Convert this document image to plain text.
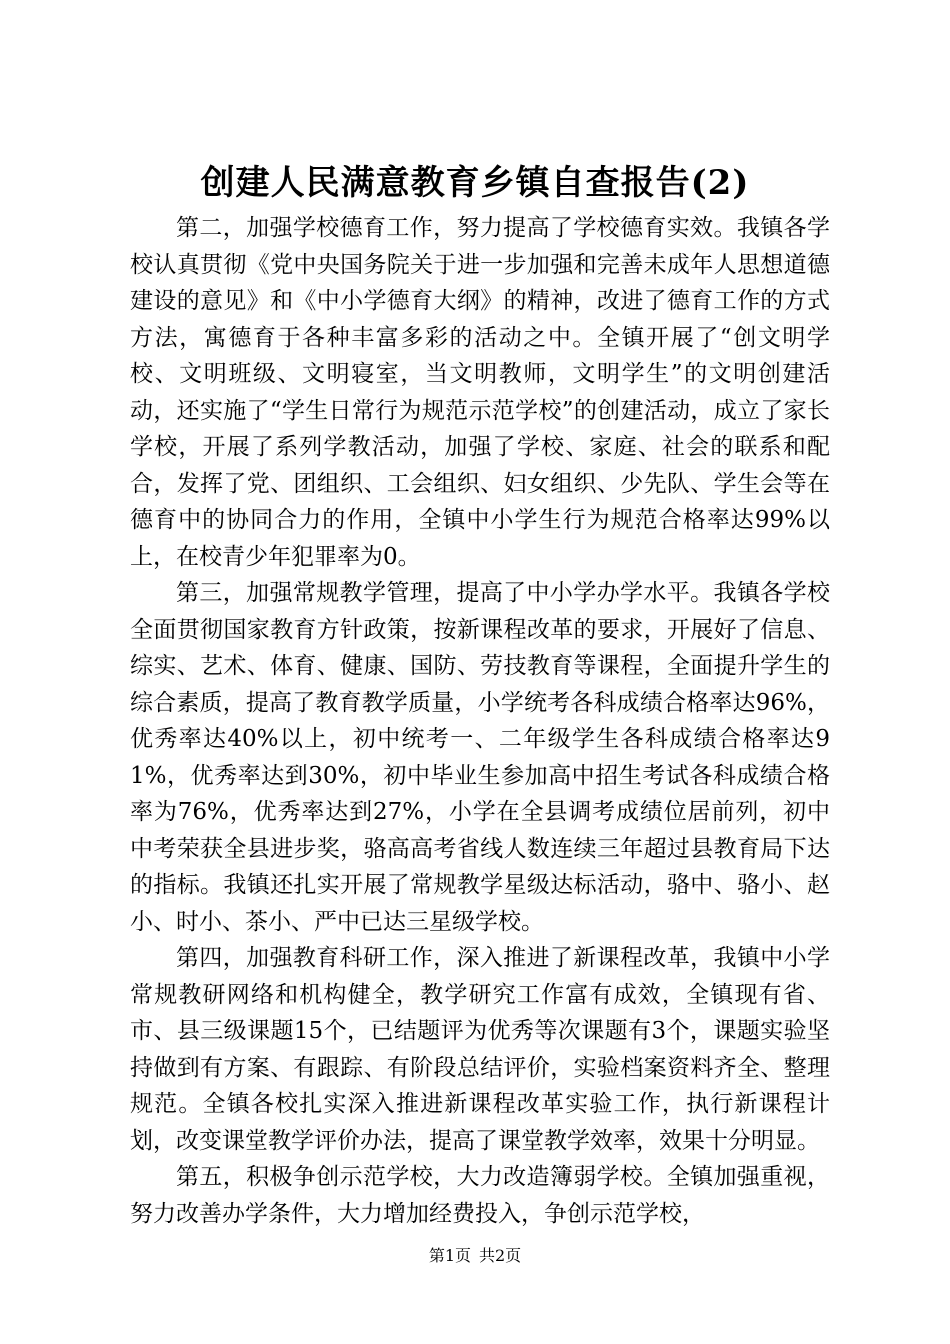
创建人民满意教育乡镇自查报告(2)

第二，加强学校德育工作，努力提高了学校德育实效。我镇各学校认真贯彻《党中央国务院关于进一步加强和完善未成年人思想道德建设的意见》和《中小学德育大纲》的精神，改进了德育工作的方式方法，寓德育于各种丰富多彩的活动之中。全镇开展了“创文明学校、文明班级、文明寝室，当文明教师，文明学生”的文明创建活动，还实施了“学生日常行为规范示范学校”的创建活动，成立了家长学校，开展了系列学教活动，加强了学校、家庭、社会的联系和配合，发挥了党、团组织、工会组织、妇女组织、少先队、学生会等在德育中的协同合力的作用，全镇中小学生行为规范合格率达99%以上，在校青少年犯罪率为0。

第三，加强常规教学管理，提高了中小学办学水平。我镇各学校全面贯彻国家教育方针政策，按新课程改革的要求，开展好了信息、综实、艺术、体育、健康、国防、劳技教育等课程，全面提升学生的综合素质，提高了教育教学质量，小学统考各科成绩合格率达96%，优秀率达40%以上，初中统考一、二年级学生各科成绩合格率达91%，优秀率达到30%，初中毕业生参加高中招生考试各科成绩合格率为76%，优秀率达到27%，小学在全县调考成绩位居前列，初中中考荣获全县进步奖，骆高高考省线人数连续三年超过县教育局下达的指标。我镇还扎实开展了常规教学星级达标活动，骆中、骆小、赵小、时小、茶小、严中已达三星级学校。

第四，加强教育科研工作，深入推进了新课程改革，我镇中小学常规教研网络和机构健全，教学研究工作富有成效，全镇现有省、市、县三级课题15个，已结题评为优秀等次课题有3个，课题实验坚持做到有方案、有跟踪、有阶段总结评价，实验档案资料齐全、整理规范。全镇各校扎实深入推进新课程改革实验工作，执行新课程计划，改变课堂教学评价办法，提高了课堂教学效率，效果十分明显。

第五，积极争创示范学校，大力改造簿弱学校。全镇加强重视，努力改善办学条件，大力增加经费投入，争创示范学校，

第1页 共2页
